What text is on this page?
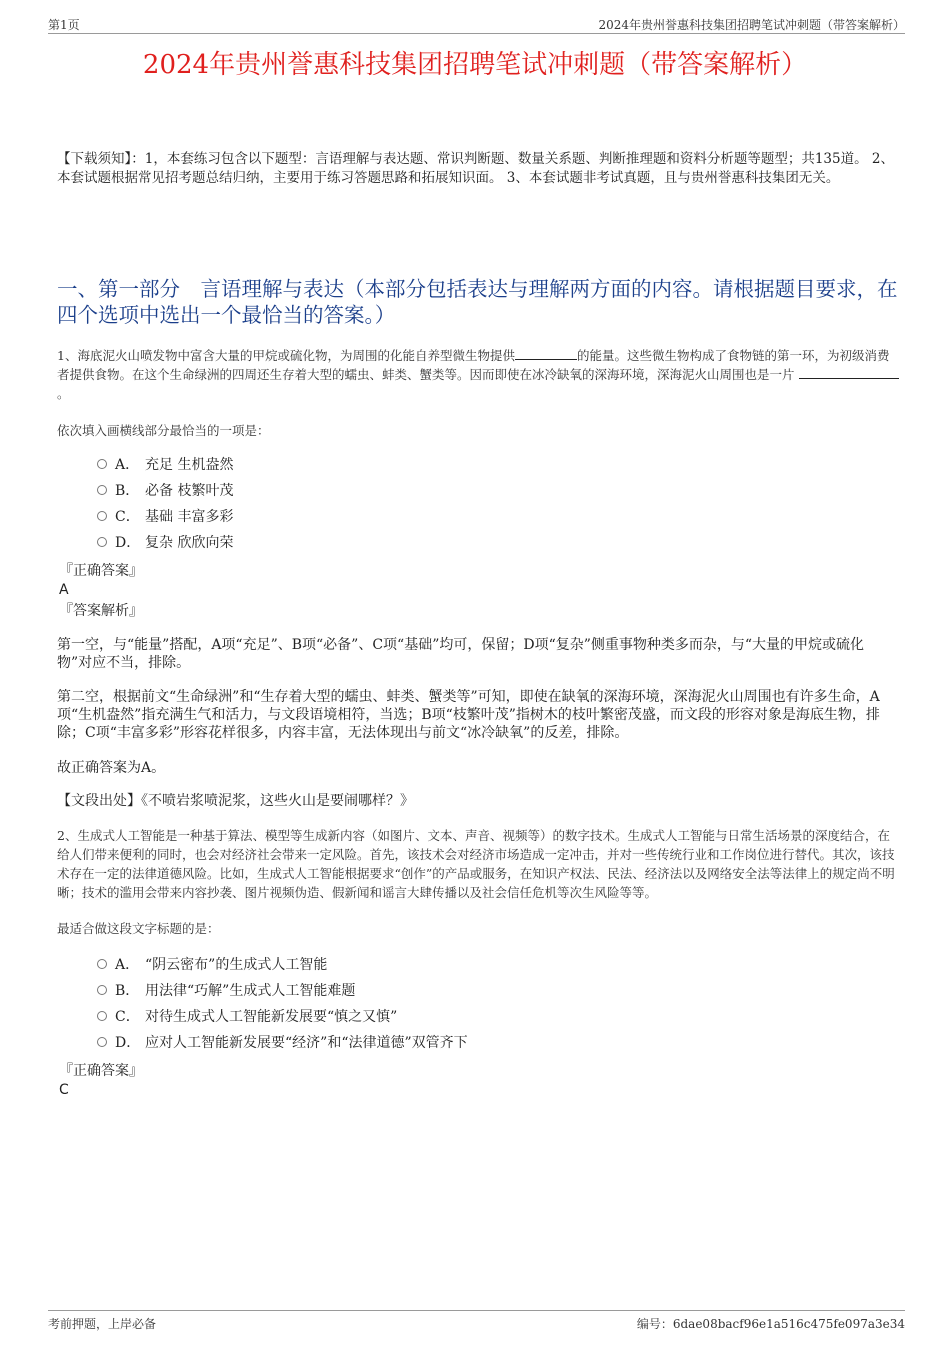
第1页	2024年贵州誉惠科技集团招聘笔试冲刺题（带答案解析）
2024年贵州誉惠科技集团招聘笔试冲刺题（带答案解析）
【下载须知】：1，本套练习包含以下题型：言语理解与表达题、常识判断题、数量关系题、判断推理题和资料分析题等题型；共135道。 2、本套试题根据常见招考题总结归纳，主要用于练习答题思路和拓展知识面。 3、本套试题非考试真题，且与贵州誉惠科技集团无关。
一、第一部分　言语理解与表达（本部分包括表达与理解两方面的内容。请根据题目要求，在四个选项中选出一个最恰当的答案。）
1、海底泥火山喷发物中富含大量的甲烷或硫化物，为周围的化能自养型微生物提供	的能量。这些微生物构成了食物链的第一环，为初级消费者提供食物。在这个生命绿洲的四周还生存着大型的蠕虫、蚌类、蟹类等。因而即使在冰冷缺氧的深海环境，深海泥火山周围也是一片。
依次填入画横线部分最恰当的一项是：
A． 充足 生机盎然
B． 必备 枝繁叶茂
C． 基础 丰富多彩
D． 复杂 欣欣向荣
『正确答案』
A
『答案解析』
第一空，与“能量”搭配，A项“充足”、B项“必备”、C项“基础”均可，保留；D项“复杂”侧重事物种类多而杂，与“大量的甲烷或硫化物”对应不当，排除。
第二空，根据前文“生命绿洲”和“生存着大型的蠕虫、蚌类、蟹类等”可知，即使在缺氧的深海环境，深海泥火山周围也有许多生命，A项“生机盎然”指充满生气和活力，与文段语境相符，当选；B项“枝繁叶茂”指树木的枝叶繁密茂盛，而文段的形容对象是海底生物，排除；C项“丰富多彩”形容花样很多，内容丰富，无法体现出与前文“冰冷缺氧”的反差，排除。
故正确答案为A。
【文段出处】《不喷岩浆喷泥浆，这些火山是要闹哪样？》
2、生成式人工智能是一种基于算法、模型等生成新内容（如图片、文本、声音、视频等）的数字技术。生成式人工智能与日常生活场景的深度结合，在给人们带来便利的同时，也会对经济社会带来一定风险。首先，该技术会对经济市场造成一定冲击，并对一些传统行业和工作岗位进行替代。其次，该技术存在一定的法律道德风险。比如，生成式人工智能根据要求“创作”的产品或服务，在知识产权法、民法、经济法以及网络安全法等法律上的规定尚不明晰；技术的滥用会带来内容抄袭、图片视频伪造、假新闻和谣言大肆传播以及社会信任危机等次生风险等等。
最适合做这段文字标题的是：
A． “阴云密布”的生成式人工智能
B． 用法律“巧解”生成式人工智能难题
C． 对待生成式人工智能新发展要“慎之又慎”
D． 应对人工智能新发展要“经济”和“法律道德”双管齐下
『正确答案』
C
考前押题，上岸必备	编号：6dae08bacf96e1a516c475fe097a3e34
